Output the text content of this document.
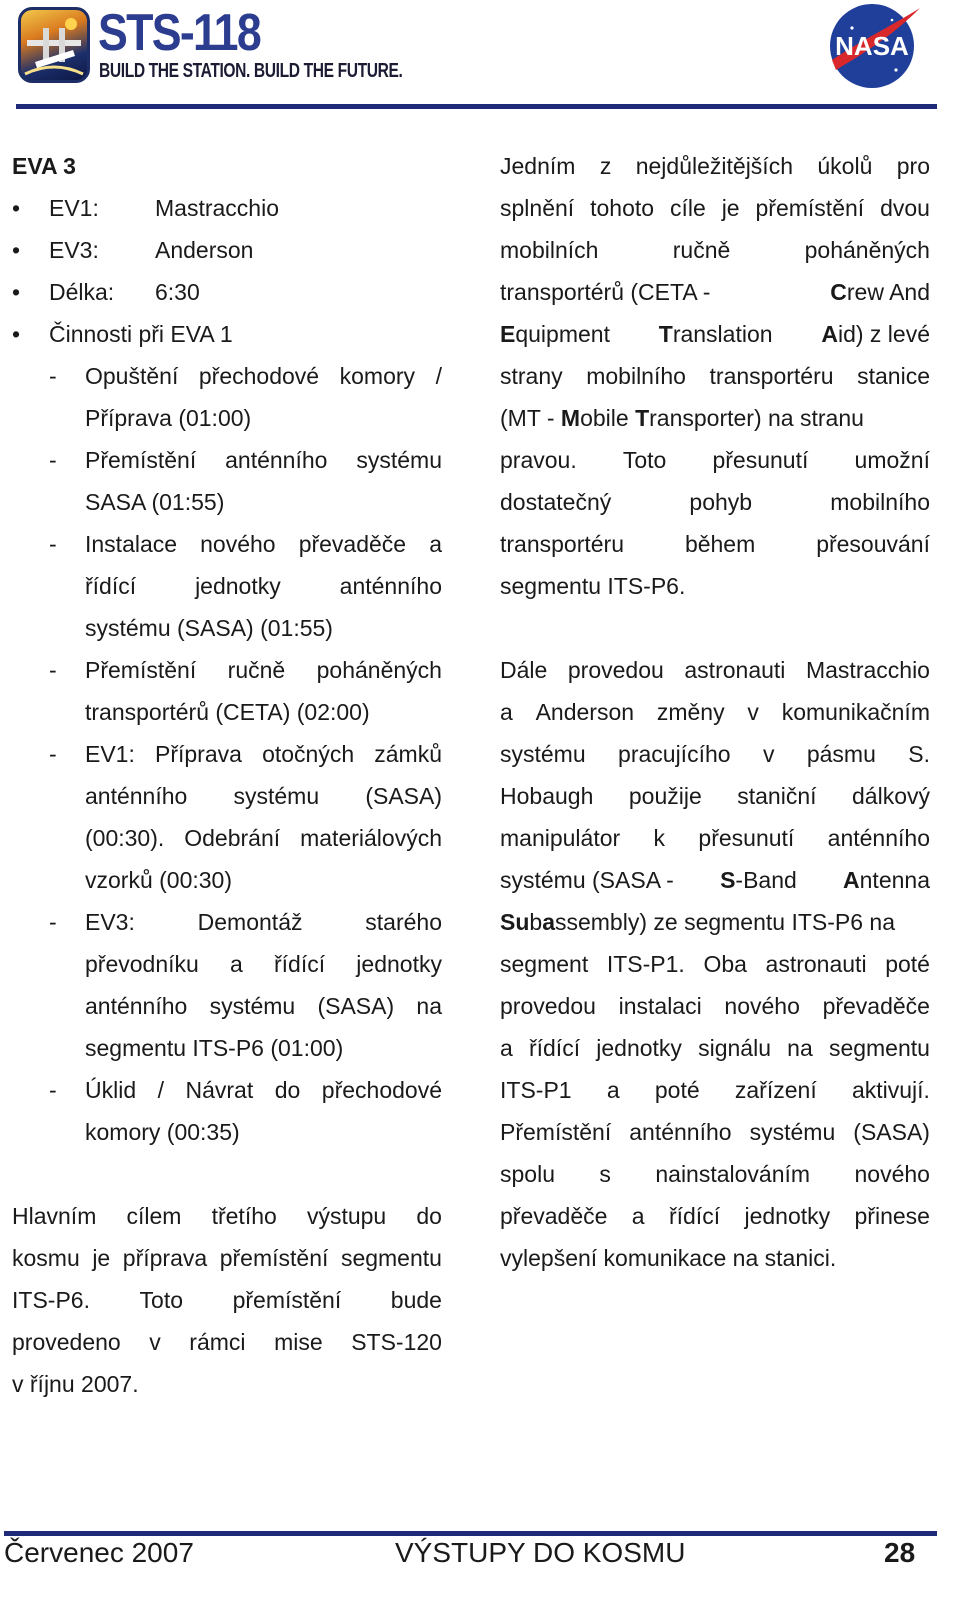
STS-118
BUILD THE STATION. BUILD THE FUTURE.
NASA
EVA 3
• EV1: Mastracchio
• EV3: Anderson
• Délka: 6:30
• Činnosti při EVA 1
- Opuštění přechodové komory /
Příprava (01:00)
- Přemístění anténního systému
SASA (01:55)
- Instalace nového převaděče a
řídící	jednotky	anténního
systému (SASA) (01:55)
- Přemístění ručně poháněných
transportérů (CETA) (02:00)
- EV1: Příprava otočných zámků
anténního systému (SASA)
(00:30). Odebrání materiálových
vzorků (00:30)
- EV3:	Demontáž	starého
převodníku a řídící jednotky
anténního systému (SASA) na
segmentu ITS-P6 (01:00)
- Úklid / Návrat do přechodové
komory (00:35)
Hlavním cílem třetího výstupu do
kosmu je příprava přemístění segmentu
ITS-P6. Toto přemístění bude
provedeno v rámci mise STS-120
v říjnu 2007.
Jedním z nejdůležitějších úkolů pro
splnění tohoto cíle je přemístění dvou
mobilních	ručně	poháněných
transportérů (CETA -	C rew And
E quipment T ranslation A id) z levé
strany mobilního transportéru stanice
(MT - M obile T ransporter) na stranu
pravou. Toto přesunutí umožní
dostatečný	pohyb	mobilního
transportéru	během	přesouvání
segmentu ITS-P6.
Dále provedou astronauti Mastracchio
a Anderson změny v komunikačním
systému pracujícího v pásmu S.
Hobaugh použije staniční dálkový
manipulátor k přesunutí anténního
systému (SASA - S -Band A ntenna
Su b a ssembly) ze segmentu ITS-P6 na
segment ITS-P1. Oba astronauti poté
provedou instalaci nového převaděče
a řídící jednotky signálu na segmentu
ITS-P1 a poté zařízení aktivují.
Přemístění anténního systému (SASA)
spolu s nainstalováním nového
převaděče a řídící jednotky přinese
vylepšení komunikace na stanici.
Červenec 2007	VÝSTUPY DO KOSMU	28
